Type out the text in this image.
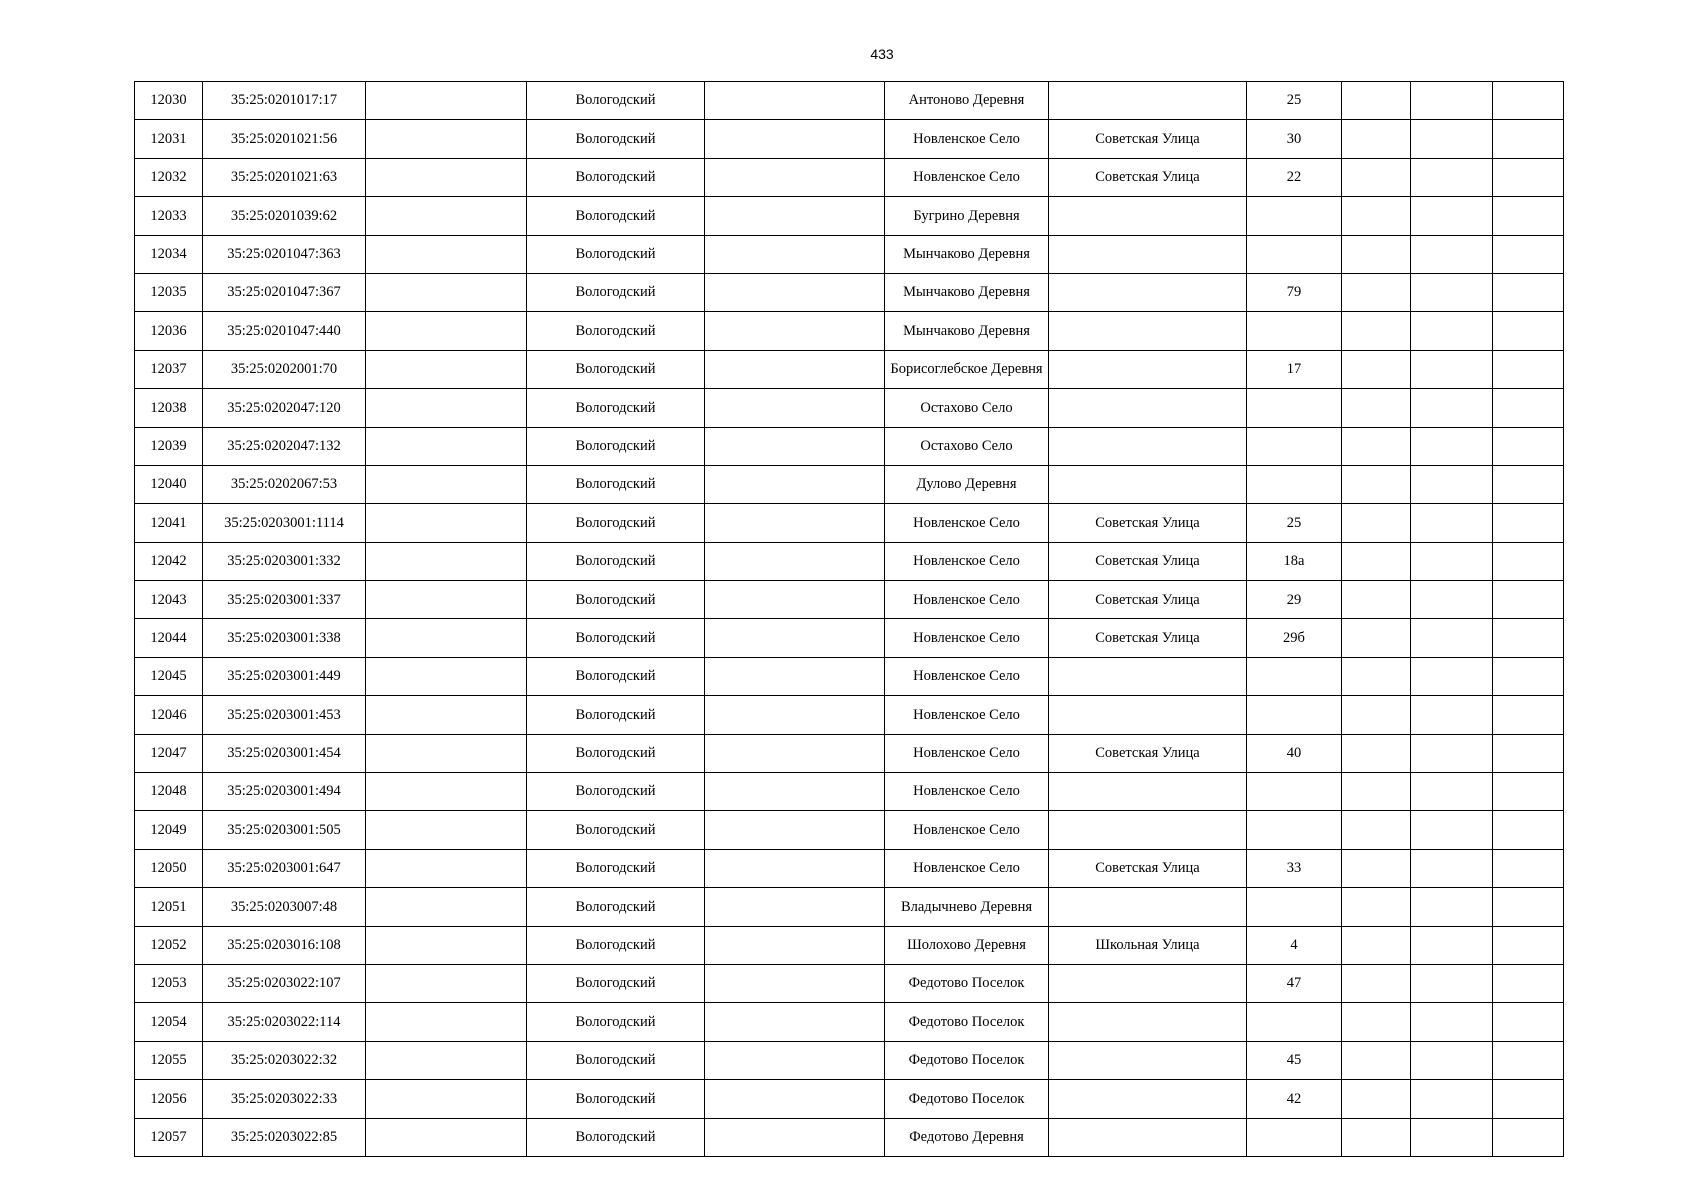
433
12030	35:25:0201017:17		Вологодский		Антоново Деревня		25			
12031	35:25:0201021:56		Вологодский		Новленское Село	Советская Улица	30			
12032	35:25:0201021:63		Вологодский		Новленское Село	Советская Улица	22			
12033	35:25:0201039:62		Вологодский		Бугрино Деревня					
12034	35:25:0201047:363		Вологодский		Мынчаково Деревня					
12035	35:25:0201047:367		Вологодский		Мынчаково Деревня		79			
12036	35:25:0201047:440		Вологодский		Мынчаково Деревня					
12037	35:25:0202001:70		Вологодский		Борисоглебское Деревня		17			
12038	35:25:0202047:120		Вологодский		Остахово Село					
12039	35:25:0202047:132		Вологодский		Остахово Село					
12040	35:25:0202067:53		Вологодский		Дулово Деревня					
12041	35:25:0203001:1114		Вологодский		Новленское Село	Советская Улица	25			
12042	35:25:0203001:332		Вологодский		Новленское Село	Советская Улица	18а			
12043	35:25:0203001:337		Вологодский		Новленское Село	Советская Улица	29			
12044	35:25:0203001:338		Вологодский		Новленское Село	Советская Улица	29б			
12045	35:25:0203001:449		Вологодский		Новленское Село					
12046	35:25:0203001:453		Вологодский		Новленское Село					
12047	35:25:0203001:454		Вологодский		Новленское Село	Советская Улица	40			
12048	35:25:0203001:494		Вологодский		Новленское Село					
12049	35:25:0203001:505		Вологодский		Новленское Село					
12050	35:25:0203001:647		Вологодский		Новленское Село	Советская Улица	33			
12051	35:25:0203007:48		Вологодский		Владычнево Деревня					
12052	35:25:0203016:108		Вологодский		Шолохово Деревня	Школьная Улица	4			
12053	35:25:0203022:107		Вологодский		Федотово Поселок		47			
12054	35:25:0203022:114		Вологодский		Федотово Поселок					
12055	35:25:0203022:32		Вологодский		Федотово Поселок		45			
12056	35:25:0203022:33		Вологодский		Федотово Поселок		42			
12057	35:25:0203022:85		Вологодский		Федотово Деревня					
